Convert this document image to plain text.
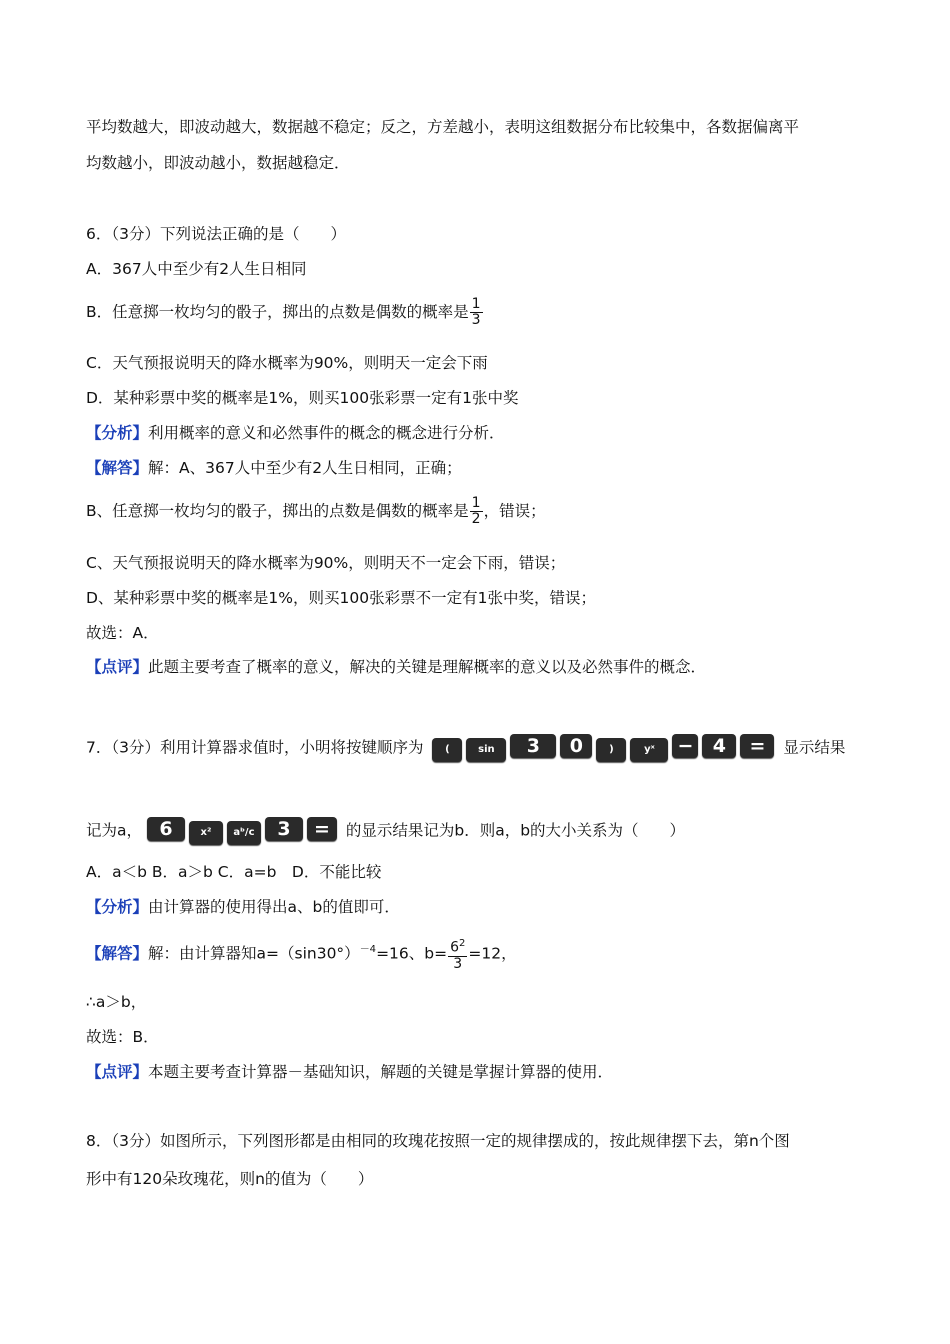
平均数越大，即波动越大，数据越不稳定；反之，方差越小，表明这组数据分布比较集中，各数据偏离平
均数越小，即波动越小，数据越稳定．
6．（3分）下列说法正确的是（　　）
A．367人中至少有2人生日相同
B．任意掷一枚均匀的骰子，掷出的点数是偶数的概率是 $\frac{1}{3}$
C．天气预报说明天的降水概率为90%，则明天一定会下雨
D．某种彩票中奖的概率是1%，则买100张彩票一定有1张中奖
【分析】利用概率的意义和必然事件的概念的概念进行分析．
【解答】解：A、367人中至少有2人生日相同，正确；
B、任意掷一枚均匀的骰子，掷出的点数是偶数的概率是 $\frac{1}{2}$ ，错误；
C、天气预报说明天的降水概率为90%，则明天不一定会下雨，错误；
D、某种彩票中奖的概率是1%，则买100张彩票不一定有1张中奖，错误；
故选：A．
【点评】此题主要考查了概率的意义，解决的关键是理解概率的意义以及必然事件的概念．
7．（3分）利用计算器求值时，小明将按键顺序为 (	sin 3 0	)	yˣ − 4 = 显示结果
记为a， 6	x² aᵇ/c 3 = 的显示结果记为b．则a，b的大小关系为（　　）
A．a＜b B．a＞b C．a=b　D．不能比较
【分析】由计算器的使用得出a、b的值即可．
【解答】解：由计算器知$a=(\sin 30^\circ)^{-4}=16$、$b= \frac{6^2}{3} =12$，
∴a＞b，
故选：B．
【点评】本题主要考查计算器－基础知识，解题的关键是掌握计算器的使用．
8．（3分）如图所示，下列图形都是由相同的玫瑰花按照一定的规律摆成的，按此规律摆下去，第n个图
形中有120朵玫瑰花，则n的值为（　　）
